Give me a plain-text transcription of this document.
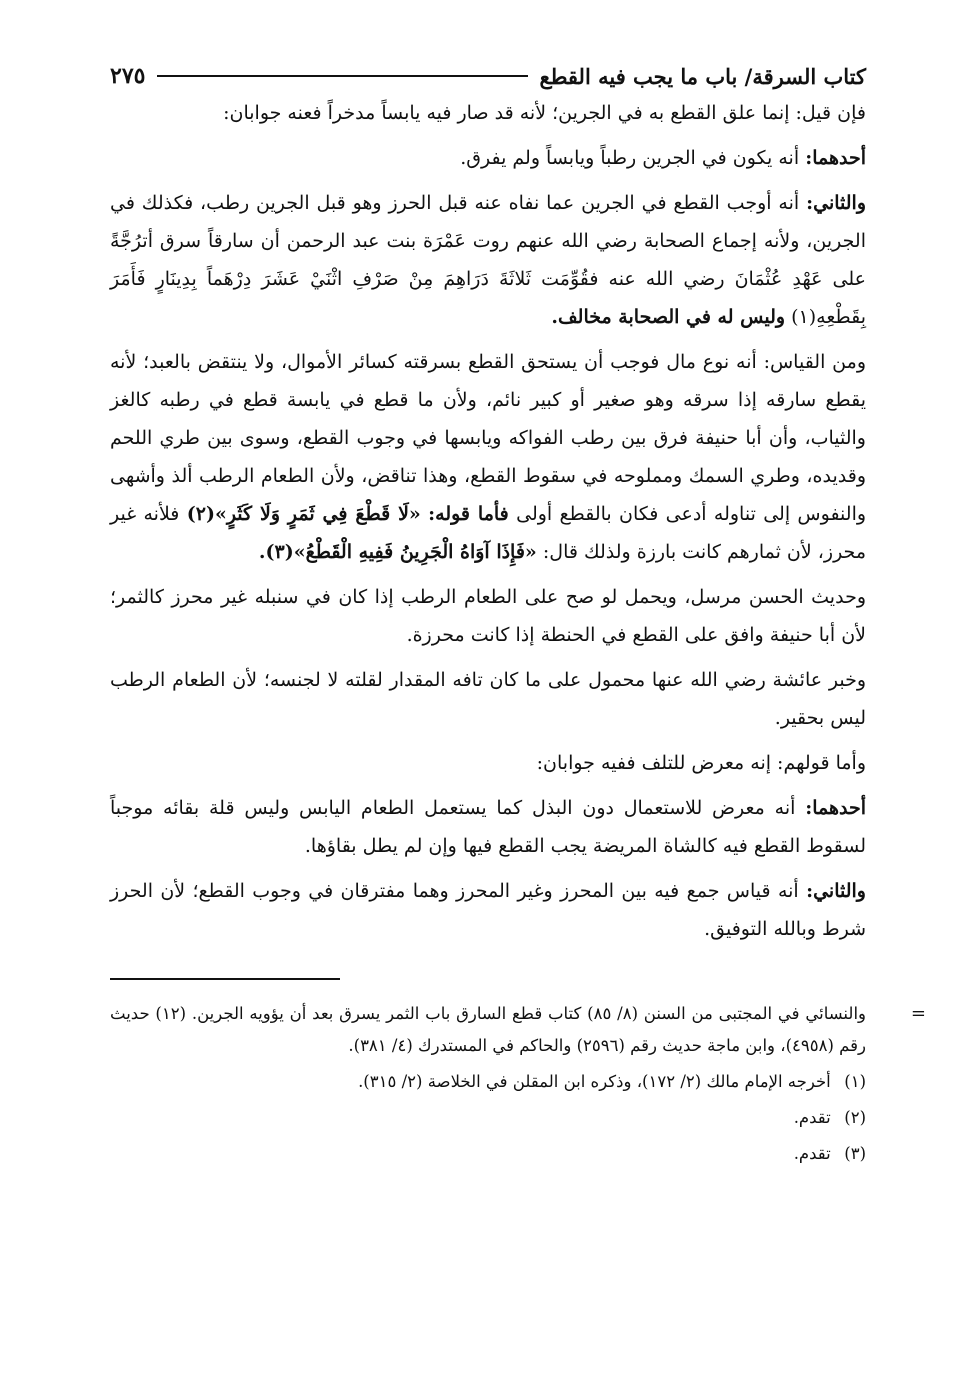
كتاب السرقة/ باب ما يجب فيه القطع
٢٧٥

فإن قيل: إنما علق القطع به في الجرين؛ لأنه قد صار فيه يابساً مدخراً فعنه جوابان:

أحدهما: أنه يكون في الجرين رطباً ويابساً ولم يفرق.

والثاني: أنه أوجب القطع في الجرين عما نفاه عنه قبل الحرز وهو قبل الجرين رطب، فكذلك في الجرين، ولأنه إجماع الصحابة رضي الله عنهم روت عَمْرَة بنت عبد الرحمن أن سارقاً سرق أترُجَّةً على عَهْدِ عُثْمَانَ رضي الله عنه فقُوِّمَت ثَلاثَةَ دَرَاهِمَ مِنْ صَرْفِ اثْنَيْ عَشَرَ دِرْهَماً بِدِينَارٍ فَأَمَرَ بِقَطْعِهِ(١) وليس له في الصحابة مخالف.

ومن القياس: أنه نوع مال فوجب أن يستحق القطع بسرقته كسائر الأموال، ولا ينتقض بالعبد؛ لأنه يقطع سارقه إذا سرقه وهو صغير أو كبير نائم، ولأن ما قطع في يابسة قطع في رطبه كالغز والثياب، وأن أبا حنيفة فرق بين رطب الفواكه ويابسها في وجوب القطع، وسوى بين طري اللحم وقديده، وطري السمك ومملوحه في سقوط القطع، وهذا تناقض، ولأن الطعام الرطب ألذ وأشهى والنفوس إلى تناوله أدعى فكان بالقطع أولى فأما قوله: «لَا قَطْعَ فِي ثَمَرٍ وَلَا كَثَرٍ»(٢) فلأنه غير محرز، لأن ثمارهم كانت بارزة ولذلك قال: «فَإِذَا آوَاهُ الْجَرِينُ فَفِيهِ الْقَطْعُ»(٣).

وحديث الحسن مرسل، ويحمل لو صح على الطعام الرطب إذا كان في سنبله غير محرز كالثمر؛ لأن أبا حنيفة وافق على القطع في الحنطة إذا كانت محرزة.

وخبر عائشة رضي الله عنها محمول على ما كان تافه المقدار لقلته لا لجنسه؛ لأن الطعام الرطب ليس بحقير.

وأما قولهم: إنه معرض للتلف ففيه جوابان:

أحدهما: أنه معرض للاستعمال دون البذل كما يستعمل الطعام اليابس وليس قلة بقائه موجباً لسقوط القطع فيه كالشاة المريضة يجب القطع فيها وإن لم يطل بقاؤها.

والثاني: أنه قياس جمع فيه بين المحرز وغير المحرز وهما مفترقان في وجوب القطع؛ لأن الحرز شرط وبالله التوفيق.

=
والنسائي في المجتبى من السنن (٨/ ٨٥) كتاب قطع السارق باب الثمر يسرق بعد أن يؤويه الجرين. (١٢) حديث رقم (٤٩٥٨)، وابن ماجة حديث رقم (٢٥٩٦) والحاكم في المستدرك (٤/ ٣٨١).

(١) أخرجه الإمام مالك (٢/ ١٧٢)، وذكره ابن المقلن في الخلاصة (٢/ ٣١٥).

(٢) تقدم.

(٣) تقدم.
